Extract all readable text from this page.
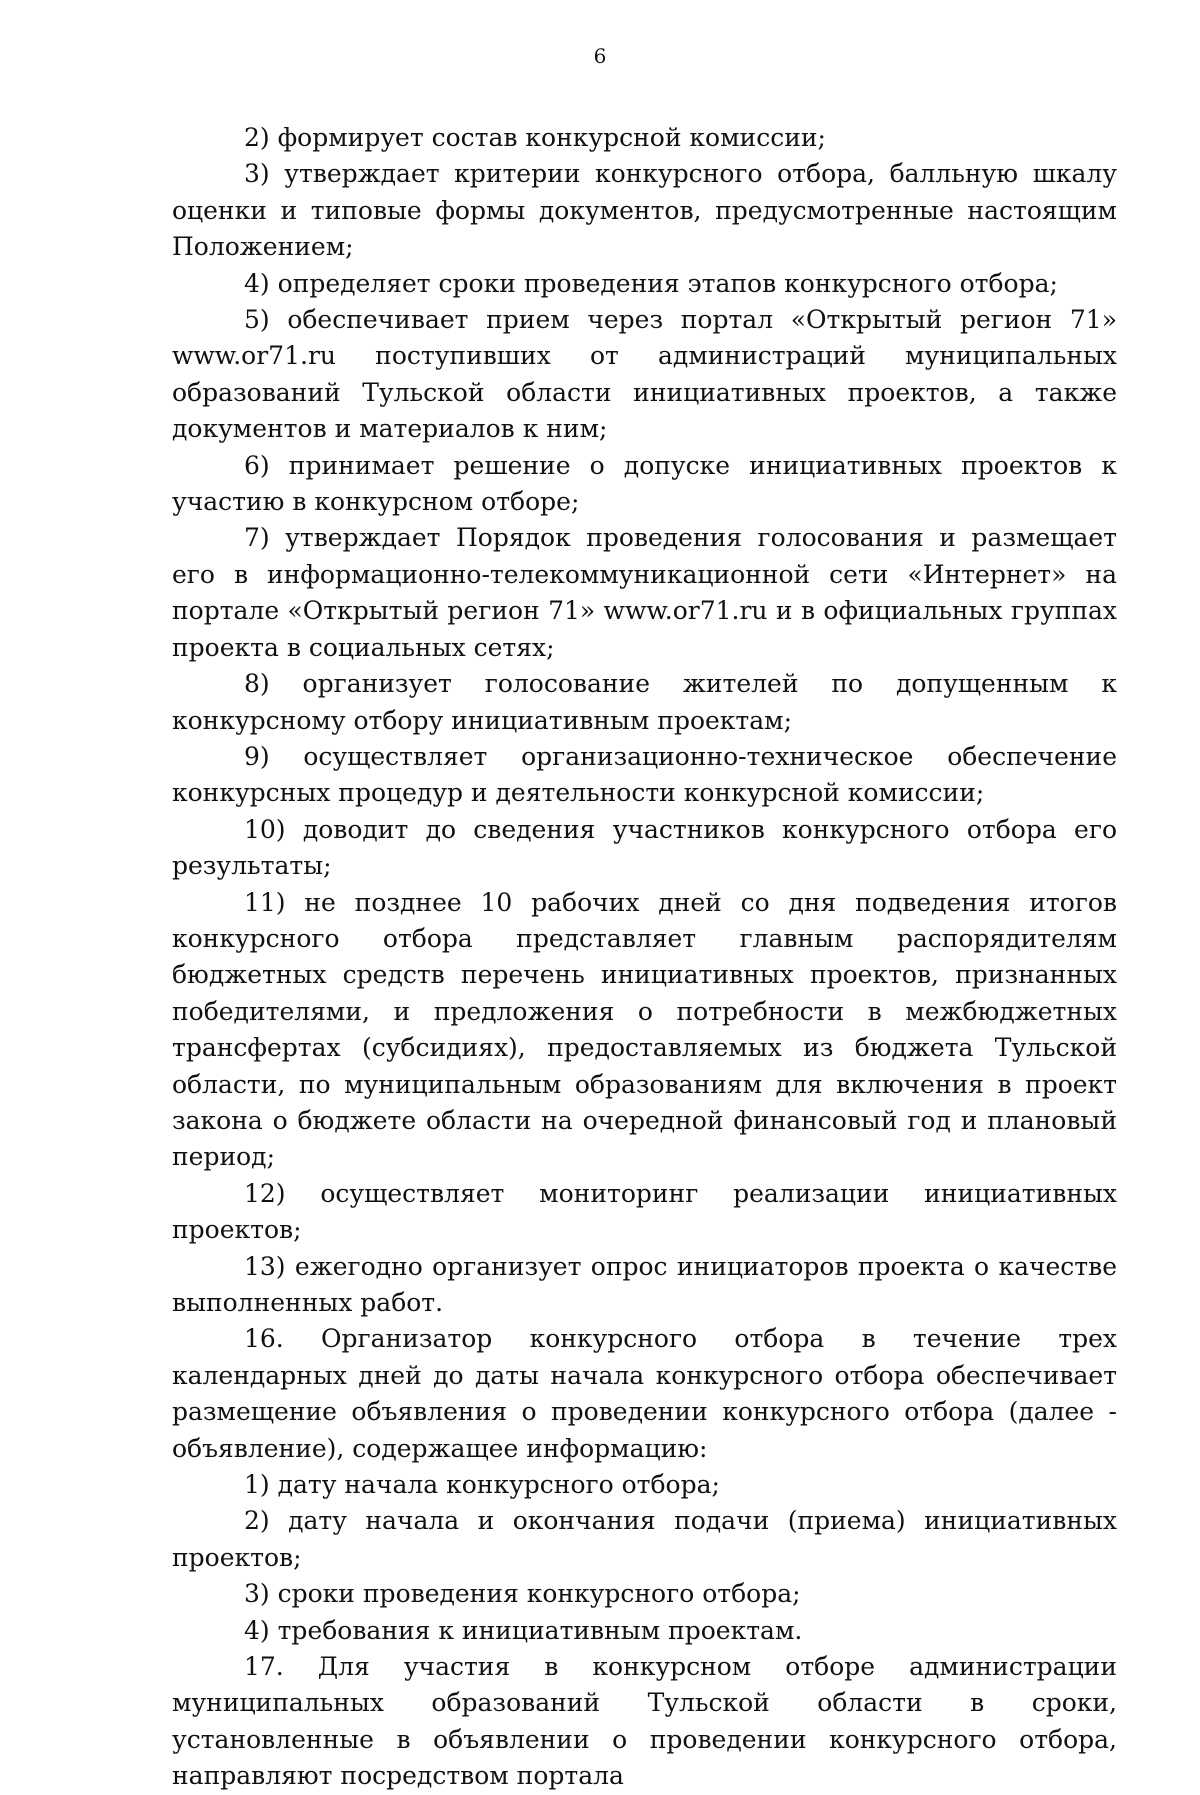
6

2) формирует состав конкурсной комиссии;

3) утверждает критерии конкурсного отбора, балльную шкалу оценки и типовые формы документов, предусмотренные настоящим Положением;

4) определяет сроки проведения этапов конкурсного отбора;

5) обеспечивает прием через портал «Открытый регион 71» www.or71.ru поступивших от администраций муниципальных образований Тульской области инициативных проектов, а также документов и материалов к ним;

6) принимает решение о допуске инициативных проектов к участию в конкурсном отборе;

7) утверждает Порядок проведения голосования и размещает его в информационно-телекоммуникационной сети «Интернет» на портале «Открытый регион 71» www.or71.ru и в официальных группах проекта в социальных сетях;

8) организует голосование жителей по допущенным к конкурсному отбору инициативным проектам;

9) осуществляет организационно-техническое обеспечение конкурсных процедур и деятельности конкурсной комиссии;

10) доводит до сведения участников конкурсного отбора его результаты;

11) не позднее 10 рабочих дней со дня подведения итогов конкурсного отбора представляет главным распорядителям бюджетных средств перечень инициативных проектов, признанных победителями, и предложения о потребности в межбюджетных трансфертах (субсидиях), предоставляемых из бюджета Тульской области, по муниципальным образованиям для включения в проект закона о бюджете области на очередной финансовый год и плановый период;

12) осуществляет мониторинг реализации инициативных проектов;

13) ежегодно организует опрос инициаторов проекта о качестве выполненных работ.

16. Организатор конкурсного отбора в течение трех календарных дней до даты начала конкурсного отбора обеспечивает размещение объявления о проведении конкурсного отбора (далее - объявление), содержащее информацию:

1) дату начала конкурсного отбора;

2) дату начала и окончания подачи (приема) инициативных проектов;

3) сроки проведения конкурсного отбора;

4) требования к инициативным проектам.

17. Для участия в конкурсном отборе администрации муниципальных образований Тульской области в сроки, установленные в объявлении о проведении конкурсного отбора, направляют посредством портала
